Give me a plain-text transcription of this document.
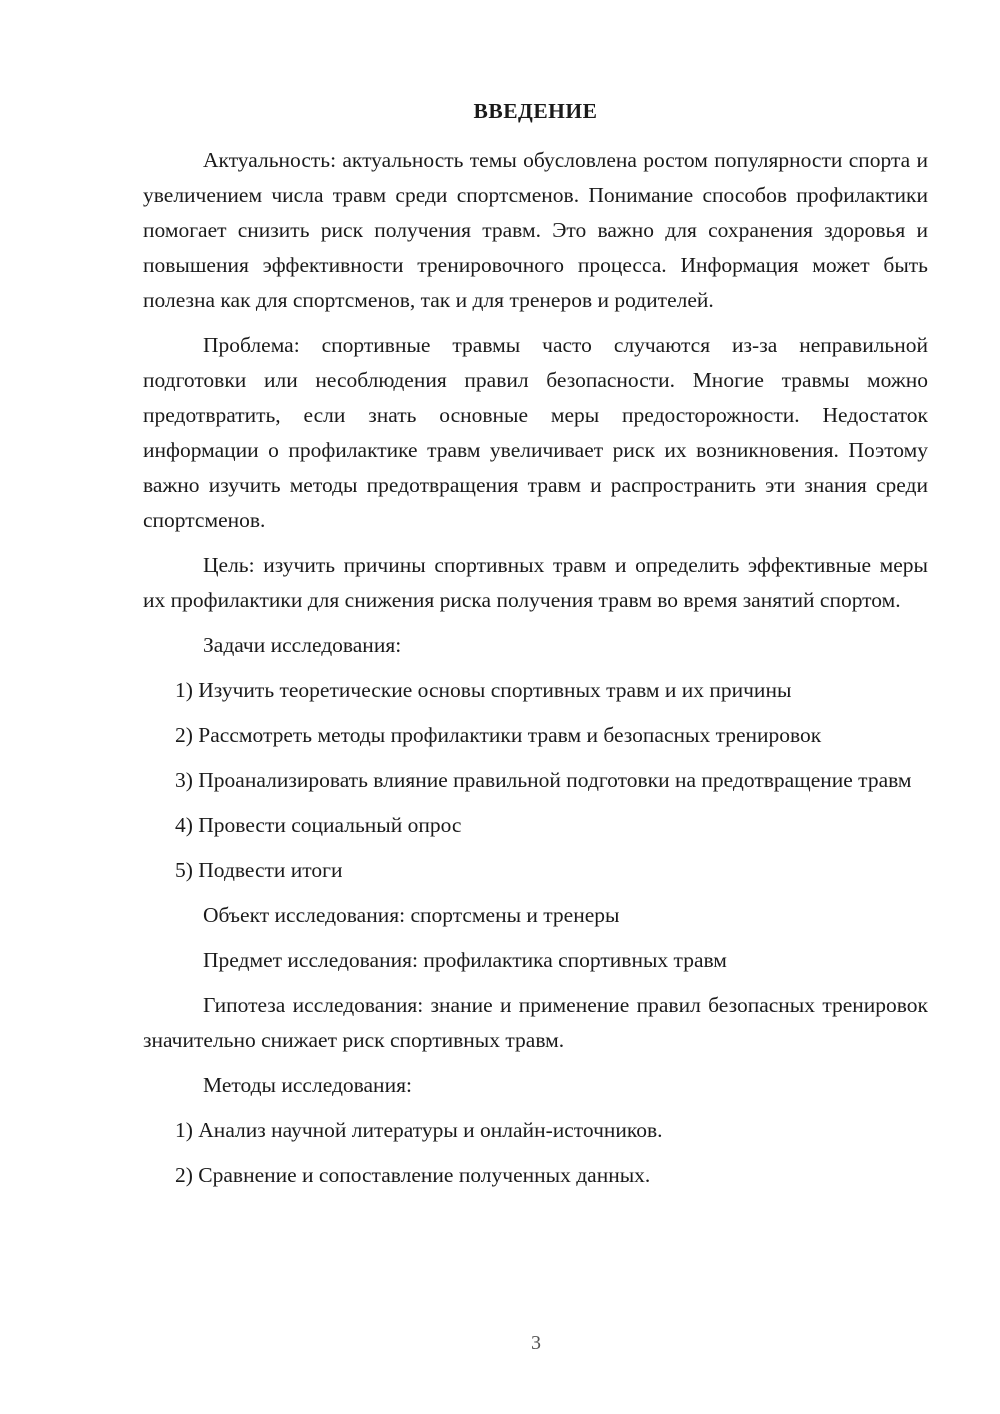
ВВЕДЕНИЕ

Актуальность: актуальность темы обусловлена ростом популярности спорта и увеличением числа травм среди спортсменов. Понимание способов профилактики помогает снизить риск получения травм. Это важно для сохранения здоровья и повышения эффективности тренировочного процесса. Информация может быть полезна как для спортсменов, так и для тренеров и родителей.

Проблема: спортивные травмы часто случаются из-за неправильной подготовки или несоблюдения правил безопасности. Многие травмы можно предотвратить, если знать основные меры предосторожности. Недостаток информации о профилактике травм увеличивает риск их возникновения. Поэтому важно изучить методы предотвращения травм и распространить эти знания среди спортсменов.

Цель: изучить причины спортивных травм и определить эффективные меры их профилактики для снижения риска получения травм во время занятий спортом.

Задачи исследования:

1) Изучить теоретические основы спортивных травм и их причины

2) Рассмотреть методы профилактики травм и безопасных тренировок

3) Проанализировать влияние правильной подготовки на предотвращение травм

4) Провести социальный опрос

5) Подвести итоги

Объект исследования: спортсмены и тренеры

Предмет исследования: профилактика спортивных травм

Гипотеза исследования: знание и применение правил безопасных тренировок значительно снижает риск спортивных травм.

Методы исследования:

1) Анализ научной литературы и онлайн-источников.

2) Сравнение и сопоставление полученных данных.

3
